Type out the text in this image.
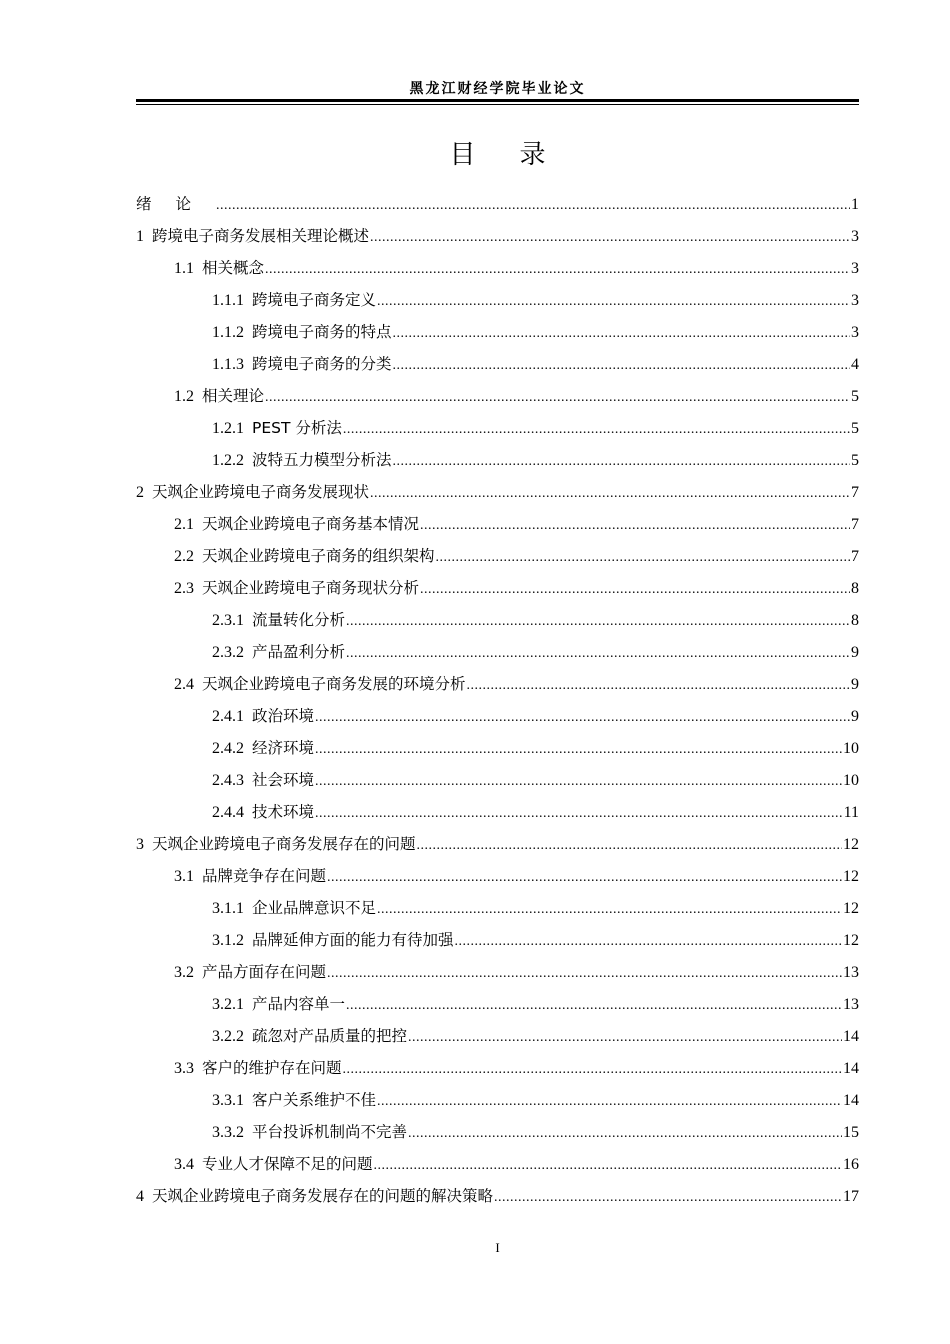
黑龙江财经学院毕业论文
目 录
绪论 .....	1
1 跨境电子商务发展相关理论概述 .....	3
1.1 相关概念 .....	3
1.1.1 跨境电子商务定义 .....	3
1.1.2 跨境电子商务的特点 .....	3
1.1.3 跨境电子商务的分类 .....	4
1.2 相关理论 .....	5
1.2.1 PEST 分析法 .....	5
1.2.2 波特五力模型分析法 .....	5
2 天飒企业跨境电子商务发展现状 .....	7
2.1 天飒企业跨境电子商务基本情况 .....	7
2.2 天飒企业跨境电子商务的组织架构 .....	7
2.3 天飒企业跨境电子商务现状分析 .....	8
2.3.1 流量转化分析 .....	8
2.3.2 产品盈利分析 .....	9
2.4 天飒企业跨境电子商务发展的环境分析 .....	9
2.4.1 政治环境 .....	9
2.4.2 经济环境 .....	10
2.4.3 社会环境 .....	10
2.4.4 技术环境 .....	11
3 天飒企业跨境电子商务发展存在的问题 .....	12
3.1 品牌竞争存在问题 .....	12
3.1.1 企业品牌意识不足 .....	12
3.1.2 品牌延伸方面的能力有待加强 .....	12
3.2 产品方面存在问题 .....	13
3.2.1 产品内容单一 .....	13
3.2.2 疏忽对产品质量的把控 .....	14
3.3 客户的维护存在问题 .....	14
3.3.1 客户关系维护不佳 .....	14
3.3.2 平台投诉机制尚不完善 .....	15
3.4 专业人才保障不足的问题 .....	16
4 天飒企业跨境电子商务发展存在的问题的解决策略 .....	17
I
